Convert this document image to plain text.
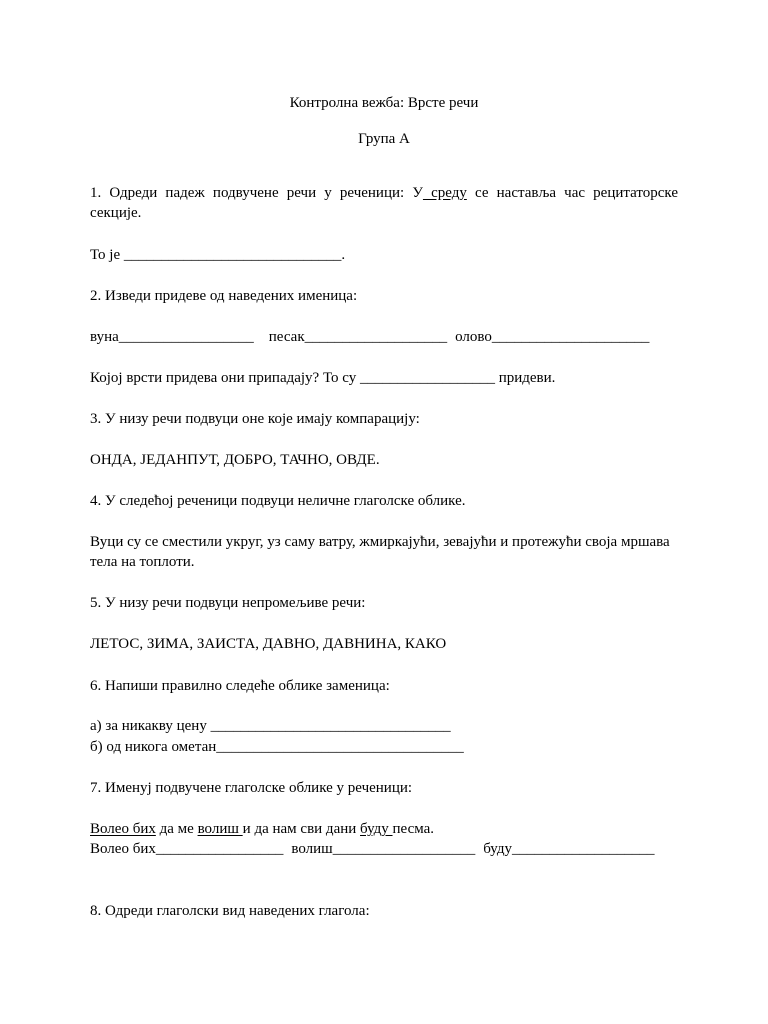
Контролна вежба: Врсте речи
Група А
1. Одреди падеж подвучене речи у реченици: У среду се наставља час рецитаторске
секције.
То је _____________________________.
2. Изведи придеве од наведених именица:
вуна__________________ песак___________________ олово_____________________
Којој врсти придева они припадају? То су __________________ придеви.
3. У низу речи подвуци оне које имају компарацију:
ОНДА, ЈЕДАНПУТ, ДОБРО, ТАЧНО, ОВДЕ.
4. У следећој реченици подвуци неличне глаголске облике.
Вуци су се сместили укруг, уз саму ватру, жмиркајући, зевајући и протежући своја мршава
тела на топлоти.
5. У низу речи подвуци непромељиве речи:
ЛЕТОС, ЗИМА, ЗАИСТА, ДАВНО, ДАВНИНА, КАКО
6. Напиши правилно следеће облике заменица:
а) за никакву цену ________________________________
б) од никога ометан_________________________________
7. Именуј подвучене глаголске облике у реченици:
Волео бих да ме волиш и да нам сви дани буду песма.
Волео бих_________________ волиш___________________ буду___________________
8. Одреди глаголски вид наведених глагола:
